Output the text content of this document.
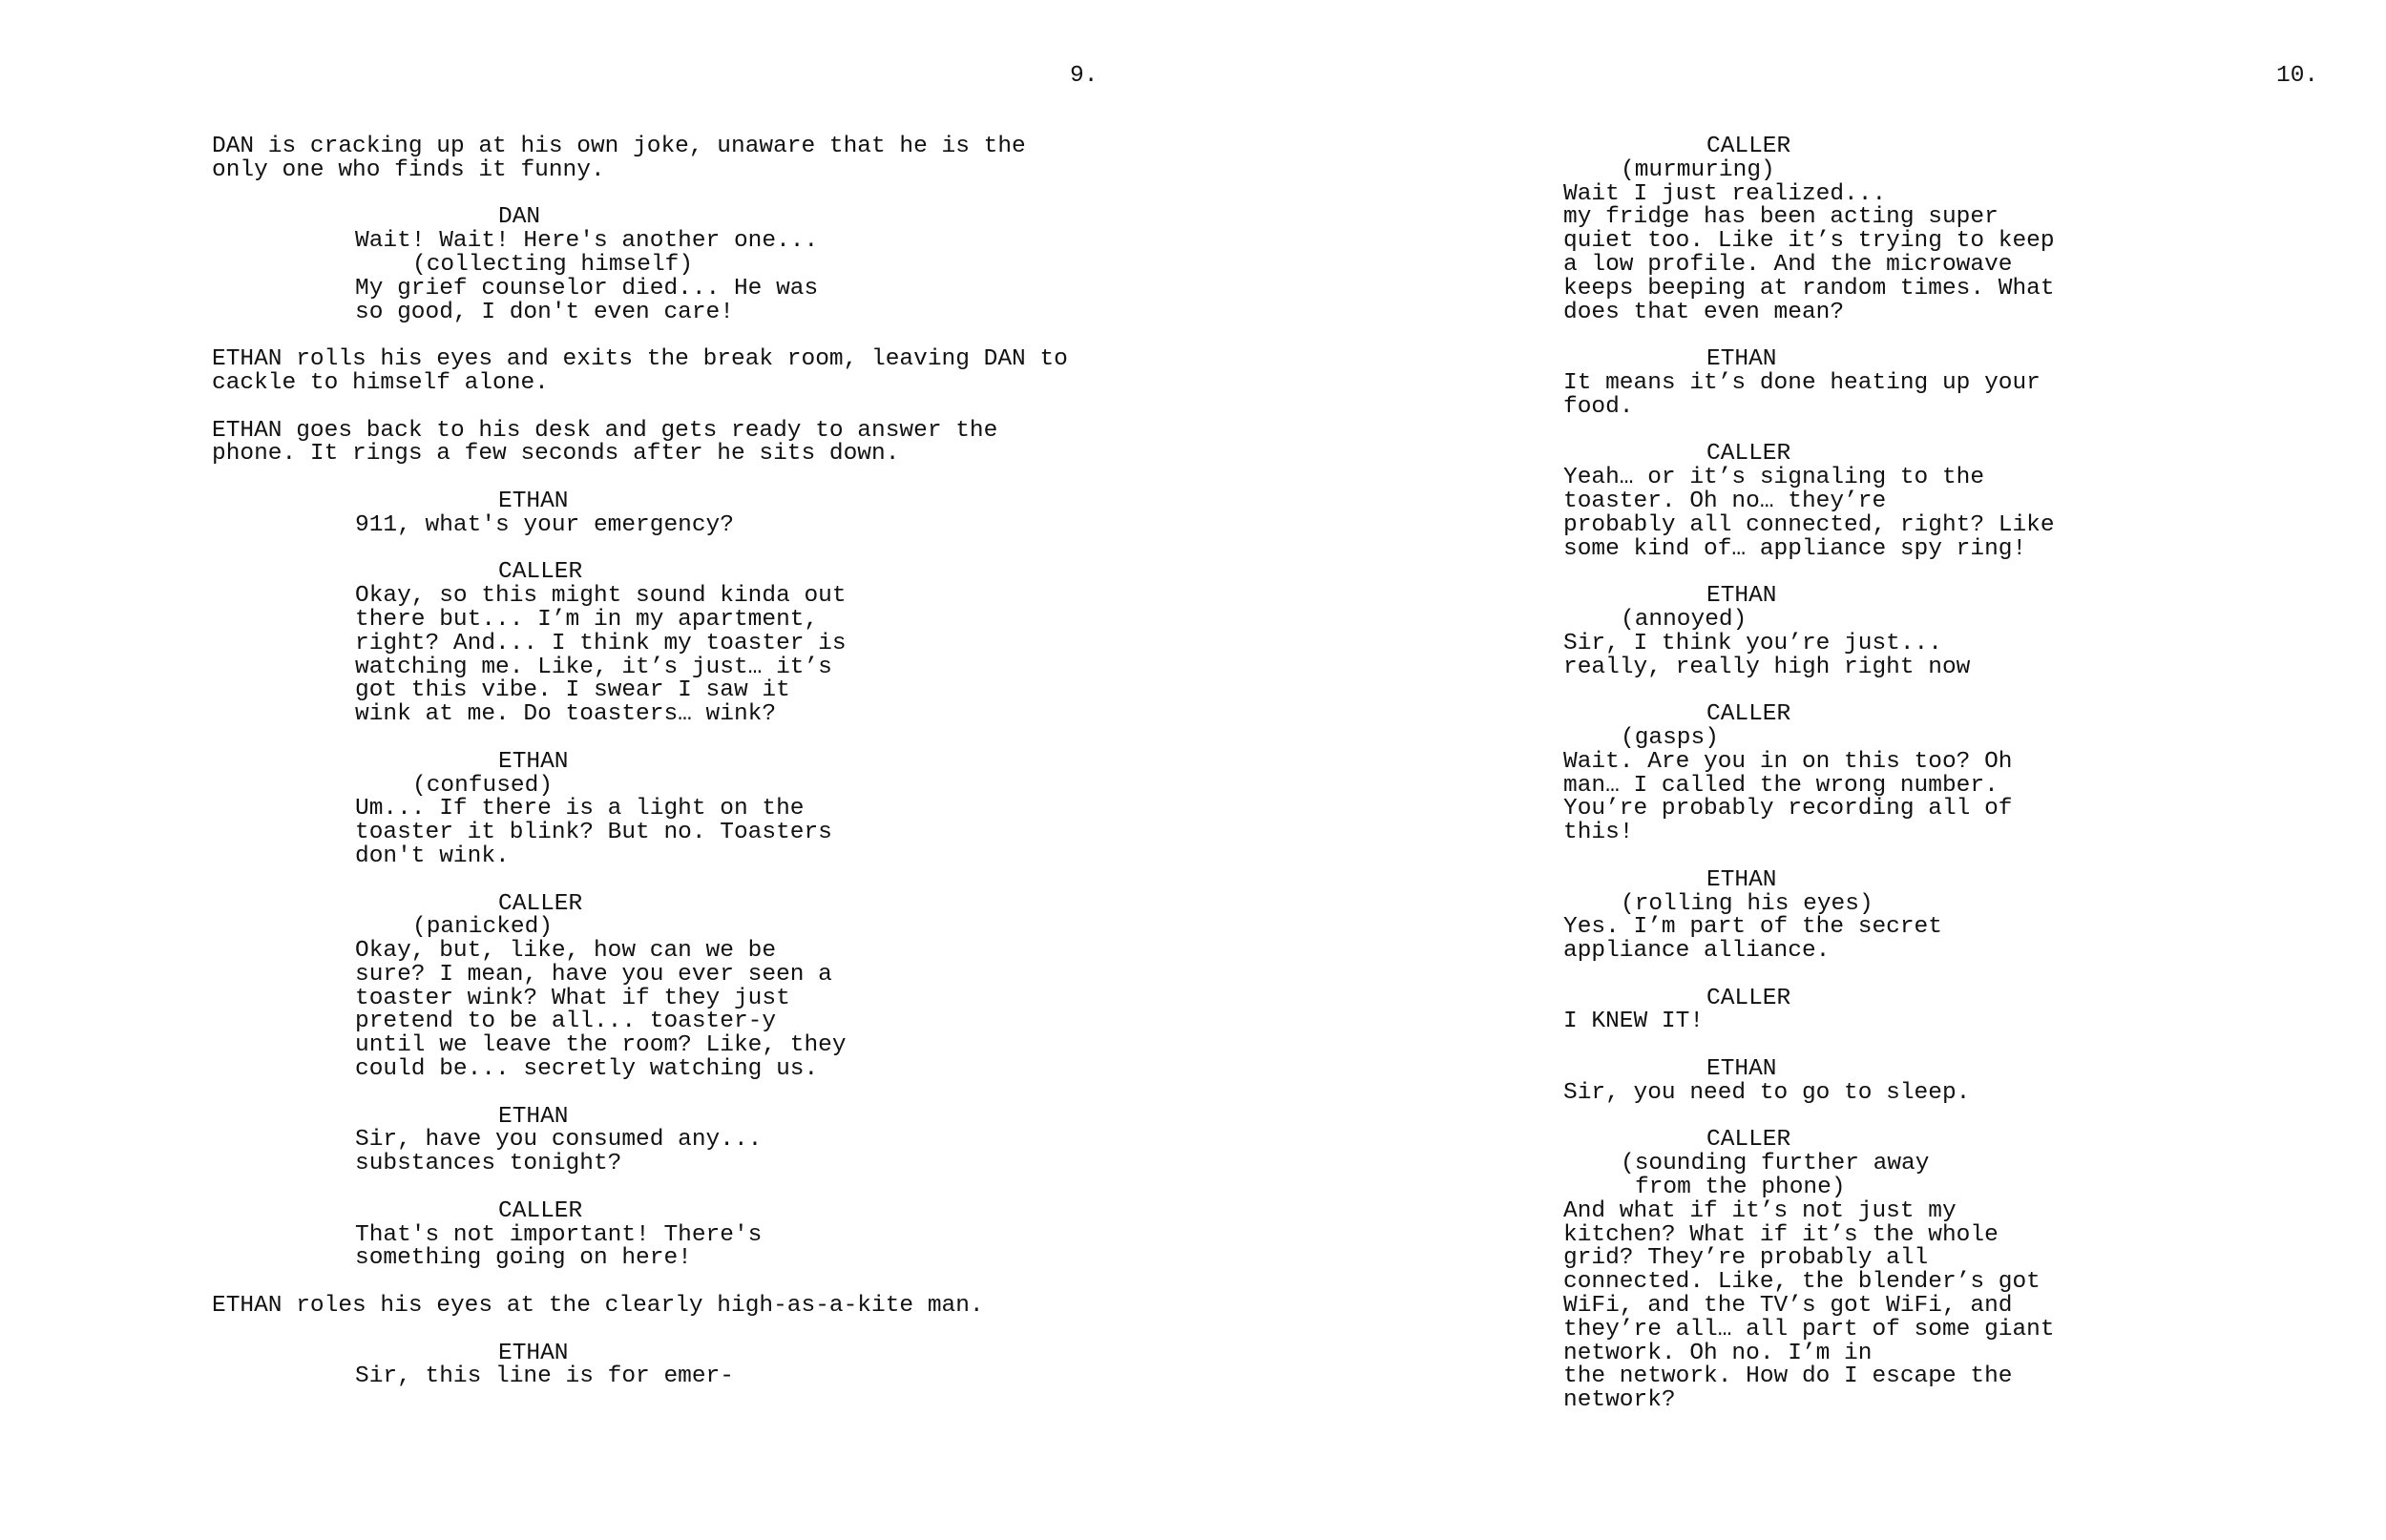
9.
DAN is cracking up at his own joke, unaware that he is the
only one who finds it funny.
DAN
Wait! Wait! Here's another one...
(collecting himself)
My grief counselor died... He was
so good, I don't even care!
ETHAN rolls his eyes and exits the break room, leaving DAN to
cackle to himself alone.
ETHAN goes back to his desk and gets ready to answer the
phone. It rings a few seconds after he sits down.
ETHAN
911, what's your emergency?
CALLER
Okay, so this might sound kinda out
there but... I’m in my apartment,
right? And... I think my toaster is
watching me. Like, it’s just… it’s
got this vibe. I swear I saw it
wink at me. Do toasters… wink?
ETHAN
(confused)
Um... If there is a light on the
toaster it blink? But no. Toasters
don't wink.
CALLER
(panicked)
Okay, but, like, how can we be
sure? I mean, have you ever seen a
toaster wink? What if they just
pretend to be all... toaster-y
until we leave the room? Like, they
could be... secretly watching us.
ETHAN
Sir, have you consumed any...
substances tonight?
CALLER
That's not important! There's
something going on here!
ETHAN roles his eyes at the clearly high-as-a-kite man.
ETHAN
Sir, this line is for emer-
10.
CALLER
(murmuring)
Wait I just realized...
my fridge has been acting super
quiet too. Like it’s trying to keep
a low profile. And the microwave
keeps beeping at random times. What
does that even mean?
ETHAN
It means it’s done heating up your
food.
CALLER
Yeah… or it’s signaling to the
toaster. Oh no… they’re
probably all connected, right? Like
some kind of… appliance spy ring!
ETHAN
(annoyed)
Sir, I think you’re just...
really, really high right now
CALLER
(gasps)
Wait. Are you in on this too? Oh
man… I called the wrong number.
You’re probably recording all of
this!
ETHAN
(rolling his eyes)
Yes. I’m part of the secret
appliance alliance.
CALLER
I KNEW IT!
ETHAN
Sir, you need to go to sleep.
CALLER
(sounding further away
from the phone)
And what if it’s not just my
kitchen? What if it’s the whole
grid? They’re probably all
connected. Like, the blender’s got
WiFi, and the TV’s got WiFi, and
they’re all… all part of some giant
network. Oh no. I’m in
the network. How do I escape the
network?
